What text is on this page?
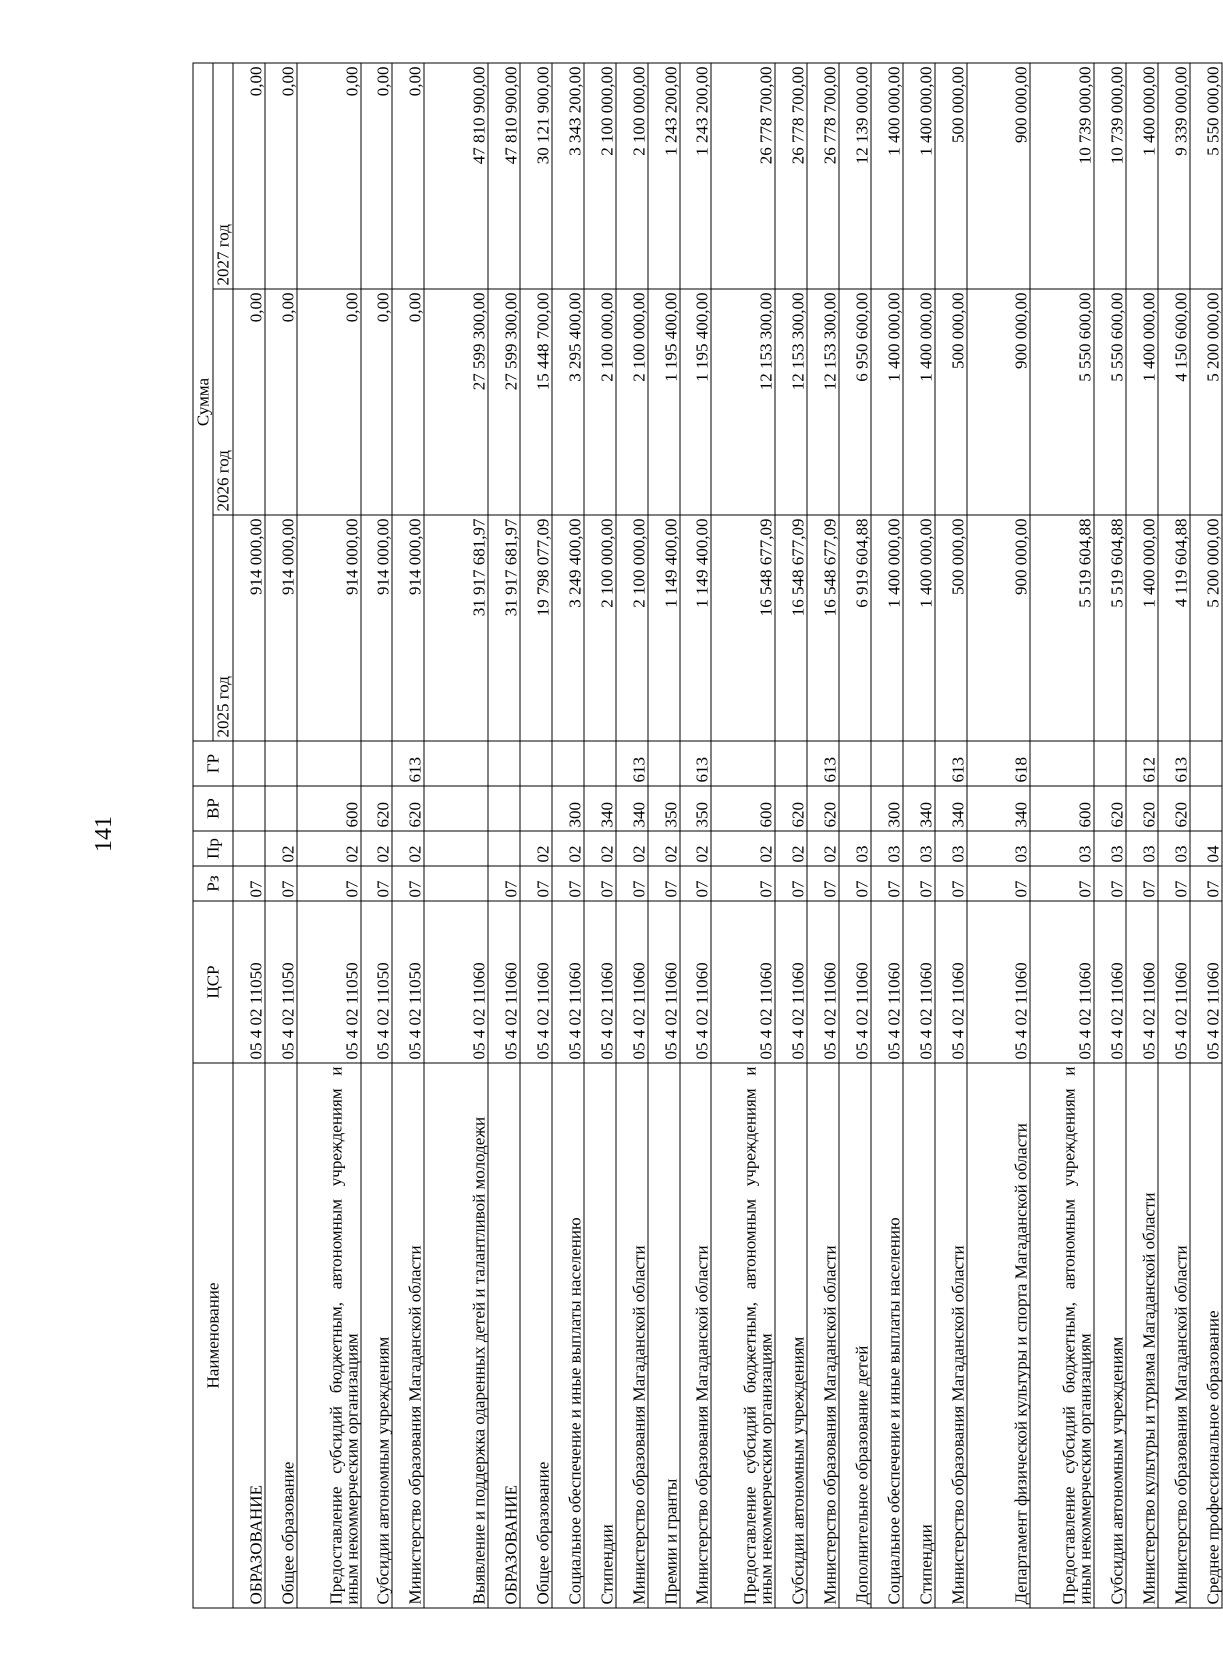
141
Наименование	ЦСР	Рз	Пр	ВР	ГР	Сумма		
						2025 год	2026 год	2027 год
ОБРАЗОВАНИЕ	05 4 02 11050	07				914 000,00	0,00	0,00
Общее образование	05 4 02 11050	07	02			914 000,00	0,00	0,00
Предоставление субсидий бюджетным, автономным учреждениям и иным некоммерческим организациям	05 4 02 11050	07	02	600		914 000,00	0,00	0,00
Субсидии автономным учреждениям	05 4 02 11050	07	02	620		914 000,00	0,00	0,00
Министерство образования Магаданской области	05 4 02 11050	07	02	620	613	914 000,00	0,00	0,00
Выявление и поддержка одаренных детей и талантливой молодежи	05 4 02 11060					31 917 681,97	27 599 300,00	47 810 900,00
ОБРАЗОВАНИЕ	05 4 02 11060	07				31 917 681,97	27 599 300,00	47 810 900,00
Общее образование	05 4 02 11060	07	02			19 798 077,09	15 448 700,00	30 121 900,00
Социальное обеспечение и иные выплаты населению	05 4 02 11060	07	02	300		3 249 400,00	3 295 400,00	3 343 200,00
Стипендии	05 4 02 11060	07	02	340		2 100 000,00	2 100 000,00	2 100 000,00
Министерство образования Магаданской области	05 4 02 11060	07	02	340	613	2 100 000,00	2 100 000,00	2 100 000,00
Премии и гранты	05 4 02 11060	07	02	350		1 149 400,00	1 195 400,00	1 243 200,00
Министерство образования Магаданской области	05 4 02 11060	07	02	350	613	1 149 400,00	1 195 400,00	1 243 200,00
Предоставление субсидий бюджетным, автономным учреждениям и иным некоммерческим организациям	05 4 02 11060	07	02	600		16 548 677,09	12 153 300,00	26 778 700,00
Субсидии автономным учреждениям	05 4 02 11060	07	02	620		16 548 677,09	12 153 300,00	26 778 700,00
Министерство образования Магаданской области	05 4 02 11060	07	02	620	613	16 548 677,09	12 153 300,00	26 778 700,00
Дополнительное образование детей	05 4 02 11060	07	03			6 919 604,88	6 950 600,00	12 139 000,00
Социальное обеспечение и иные выплаты населению	05 4 02 11060	07	03	300		1 400 000,00	1 400 000,00	1 400 000,00
Стипендии	05 4 02 11060	07	03	340		1 400 000,00	1 400 000,00	1 400 000,00
Министерство образования Магаданской области	05 4 02 11060	07	03	340	613	500 000,00	500 000,00	500 000,00
Департамент физической культуры и спорта Магаданской области	05 4 02 11060	07	03	340	618	900 000,00	900 000,00	900 000,00
Предоставление субсидий бюджетным, автономным учреждениям и иным некоммерческим организациям	05 4 02 11060	07	03	600		5 519 604,88	5 550 600,00	10 739 000,00
Субсидии автономным учреждениям	05 4 02 11060	07	03	620		5 519 604,88	5 550 600,00	10 739 000,00
Министерство культуры и туризма Магаданской области	05 4 02 11060	07	03	620	612	1 400 000,00	1 400 000,00	1 400 000,00
Министерство образования Магаданской области	05 4 02 11060	07	03	620	613	4 119 604,88	4 150 600,00	9 339 000,00
Среднее профессиональное образование	05 4 02 11060	07	04			5 200 000,00	5 200 000,00	5 550 000,00
